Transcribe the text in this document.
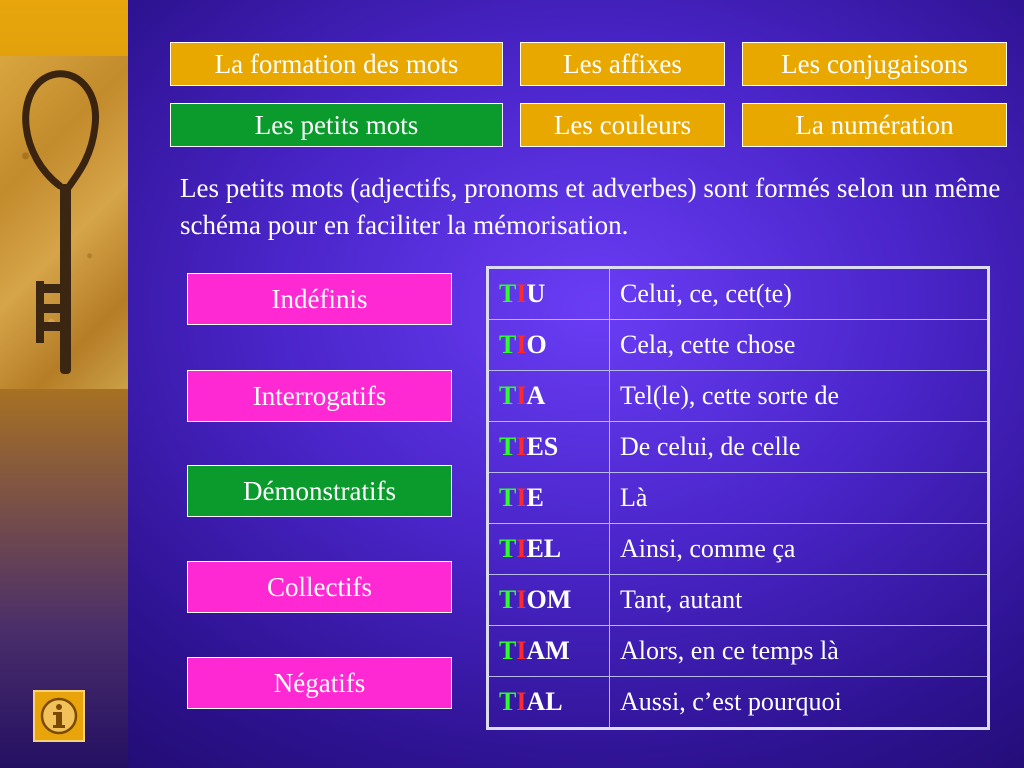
La formation des mots	Les affixes	Les conjugaisons
Les petits mots	Les couleurs	La numération

Les petits mots (adjectifs, pronoms et adverbes) sont formés selon un même schéma pour en faciliter la mémorisation.

Indéfinis
Interrogatifs
Démonstratifs
Collectifs
Négatifs
TIU	Celui, ce, cet(te)
TIO	Cela, cette chose
TIA	Tel(le), cette sorte de
TIES	De celui, de celle
TIE	Là
TIEL	Ainsi, comme ça
TIOM	Tant, autant
TIAM	Alors, en ce temps là
TIAL	Aussi, c’est pourquoi
